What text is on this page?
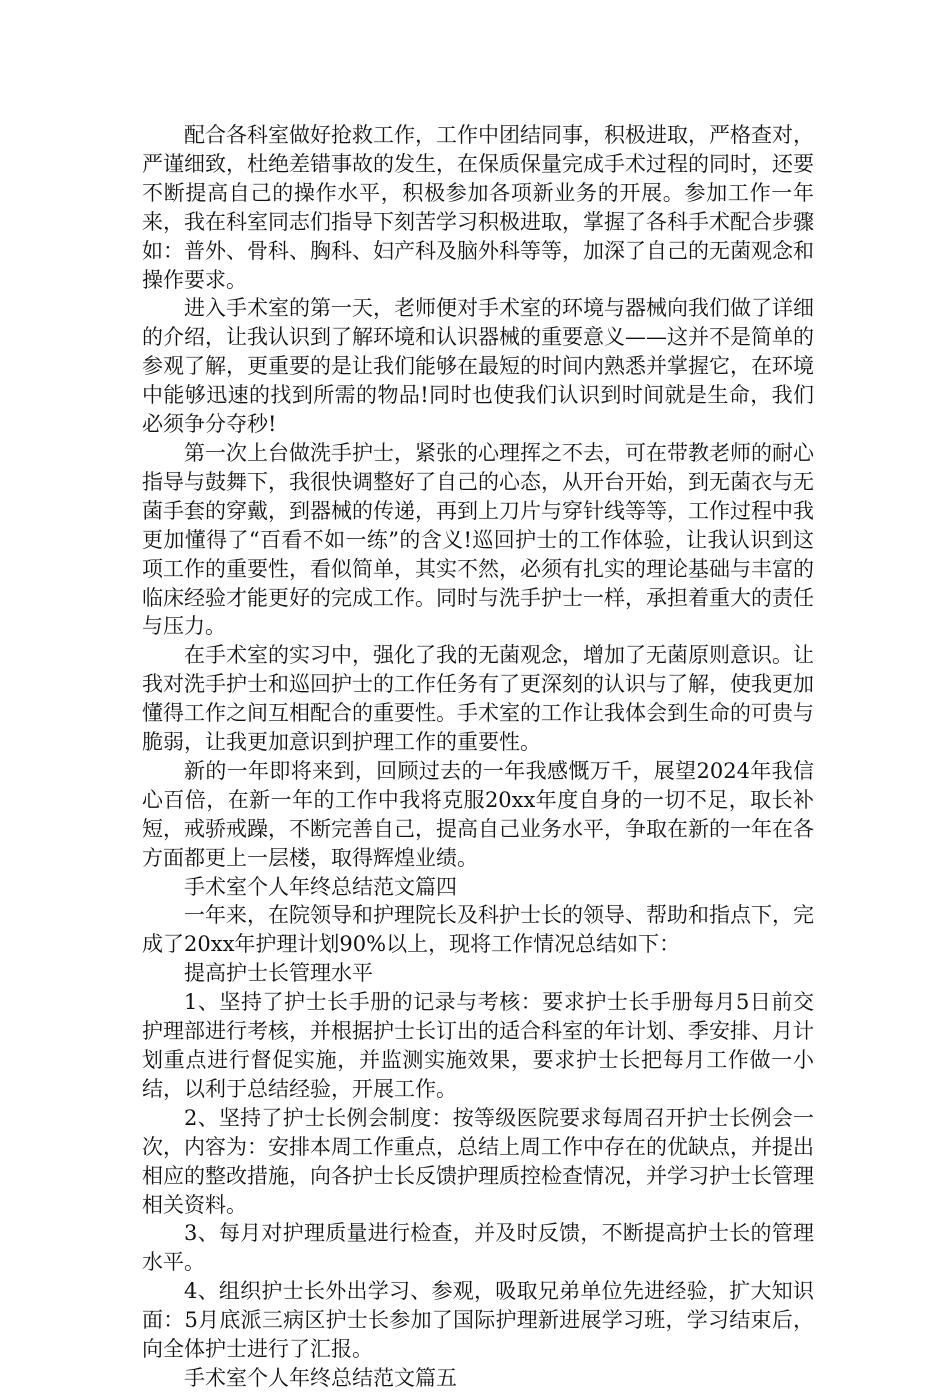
配合各科室做好抢救工作，工作中团结同事，积极进取，严格查对，严谨细致，杜绝差错事故的发生，在保质保量完成手术过程的同时，还要不断提高自己的操作水平，积极参加各项新业务的开展。参加工作一年来，我在科室同志们指导下刻苦学习积极进取，掌握了各科手术配合步骤如：普外、骨科、胸科、妇产科及脑外科等等，加深了自己的无菌观念和操作要求。

进入手术室的第一天，老师便对手术室的环境与器械向我们做了详细的介绍，让我认识到了解环境和认识器械的重要意义——这并不是简单的参观了解，更重要的是让我们能够在最短的时间内熟悉并掌握它，在环境中能够迅速的找到所需的物品!同时也使我们认识到时间就是生命，我们必须争分夺秒!

第一次上台做洗手护士，紧张的心理挥之不去，可在带教老师的耐心指导与鼓舞下，我很快调整好了自己的心态，从开台开始，到无菌衣与无菌手套的穿戴，到器械的传递，再到上刀片与穿针线等等，工作过程中我更加懂得了“百看不如一练”的含义!巡回护士的工作体验，让我认识到这项工作的重要性，看似简单，其实不然，必须有扎实的理论基础与丰富的临床经验才能更好的完成工作。同时与洗手护士一样，承担着重大的责任与压力。

在手术室的实习中，强化了我的无菌观念，增加了无菌原则意识。让我对洗手护士和巡回护士的工作任务有了更深刻的认识与了解，使我更加懂得工作之间互相配合的重要性。手术室的工作让我体会到生命的可贵与脆弱，让我更加意识到护理工作的重要性。

新的一年即将来到，回顾过去的一年我感慨万千，展望2024年我信心百倍，在新一年的工作中我将克服20xx年度自身的一切不足，取长补短，戒骄戒躁，不断完善自己，提高自己业务水平，争取在新的一年在各方面都更上一层楼，取得辉煌业绩。

手术室个人年终总结范文篇四

一年来，在院领导和护理院长及科护士长的领导、帮助和指点下，完成了20xx年护理计划90%以上，现将工作情况总结如下：

提高护士长管理水平

1、坚持了护士长手册的记录与考核：要求护士长手册每月5日前交护理部进行考核，并根据护士长订出的适合科室的年计划、季安排、月计划重点进行督促实施，并监测实施效果，要求护士长把每月工作做一小结，以利于总结经验，开展工作。

2、坚持了护士长例会制度：按等级医院要求每周召开护士长例会一次，内容为：安排本周工作重点，总结上周工作中存在的优缺点，并提出相应的整改措施，向各护士长反馈护理质控检查情况，并学习护士长管理相关资料。

3、每月对护理质量进行检查，并及时反馈，不断提高护士长的管理水平。

4、组织护士长外出学习、参观，吸取兄弟单位先进经验，扩大知识面：5月底派三病区护士长参加了国际护理新进展学习班，学习结束后，向全体护士进行了汇报。

手术室个人年终总结范文篇五
